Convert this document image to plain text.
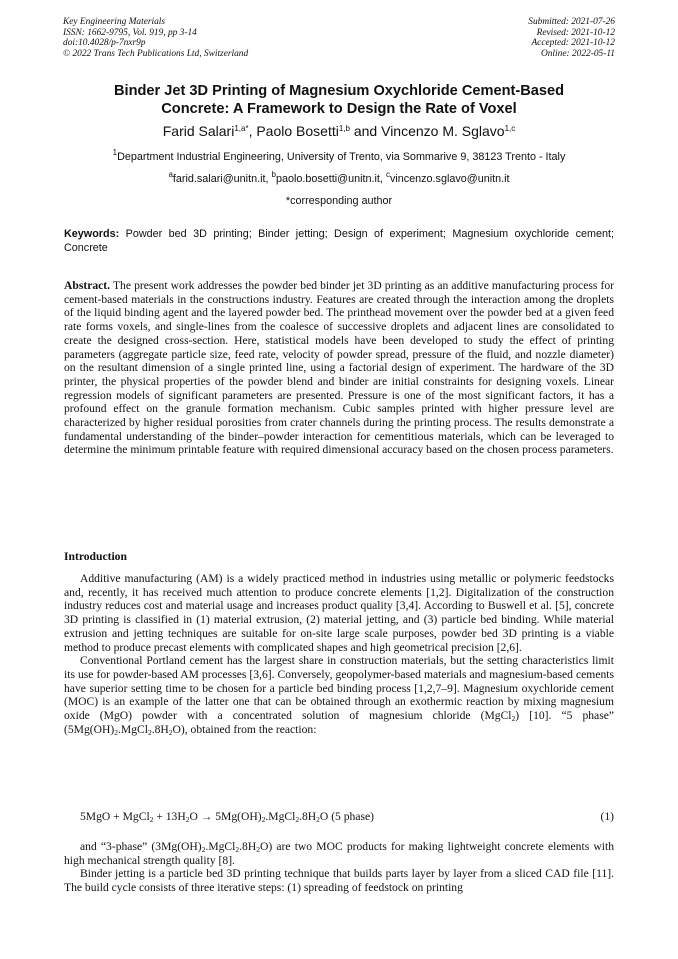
Key Engineering Materials
ISSN: 1662-9795, Vol. 919, pp 3-14
doi:10.4028/p-7nxr9p
© 2022 Trans Tech Publications Ltd, Switzerland
Submitted: 2021-07-26
Revised: 2021-10-12
Accepted: 2021-10-12
Online: 2022-05-11
Binder Jet 3D Printing of Magnesium Oxychloride Cement-Based
Concrete: A Framework to Design the Rate of Voxel
Farid Salari$^{1,a*}$, Paolo Bosetti$^{1,b}$ and Vincenzo M. Sglavo$^{1,c}$
$^1$Department Industrial Engineering, University of Trento, via Sommarive 9, 38123 Trento - Italy
$^a$farid.salari@unitn.it, $^b$paolo.bosetti@unitn.it, $^c$vincenzo.sglavo@unitn.it
*corresponding author
Keywords: Powder bed 3D printing; Binder jetting; Design of experiment; Magnesium oxychloride cement; Concrete
Abstract. The present work addresses the powder bed binder jet 3D printing as an additive manufacturing process for cement-based materials in the constructions industry. Features are created through the interaction among the droplets of the liquid binding agent and the layered powder bed. The printhead movement over the powder bed at a given feed rate forms voxels, and single-lines from the coalesce of successive droplets and adjacent lines are consolidated to create the designed cross-section. Here, statistical models have been developed to study the effect of printing parameters (aggregate particle size, feed rate, velocity of powder spread, pressure of the fluid, and nozzle diameter) on the resultant dimension of a single printed line, using a factorial design of experiment. The hardware of the 3D printer, the physical properties of the powder blend and binder are initial constraints for designing voxels. Linear regression models of significant parameters are presented. Pressure is one of the most significant factors, it has a profound effect on the granule formation mechanism. Cubic samples printed with higher pressure level are characterized by higher residual porosities from crater channels during the printing process. The results demonstrate a fundamental understanding of the binder–powder interaction for cementitious materials, which can be leveraged to determine the minimum printable feature with required dimensional accuracy based on the chosen process parameters.
Introduction

Additive manufacturing (AM) is a widely practiced method in industries using metallic or polymeric feedstocks and, recently, it has received much attention to produce concrete elements [1,2]. Digitalization of the construction industry reduces cost and material usage and increases product quality [3,4]. According to Buswell et al. [5], concrete 3D printing is classified in (1) material extrusion, (2) material jetting, and (3) particle bed binding. While material extrusion and jetting techniques are suitable for on-site large scale purposes, powder bed 3D printing is a viable method to produce precast elements with complicated shapes and high geometrical precision [2,6].

Conventional Portland cement has the largest share in construction materials, but the setting characteristics limit its use for powder-based AM processes [3,6]. Conversely, geopolymer-based materials and magnesium-based cements have superior setting time to be chosen for a particle bed binding process [1,2,7–9]. Magnesium oxychloride cement (MOC) is an example of the latter one that can be obtained through an exothermic reaction by mixing magnesium oxide (MgO) powder with a concentrated solution of magnesium chloride (MgCl$_2$) [10]. “5 phase” $(5Mg(OH)_2.MgCl_2.8H_2O)$, obtained from the reaction:

5MgO + MgCl$_2$ + $13H_2O$ → $5Mg(OH)_2.MgCl_2.8H_2O$ (5 phase)	(1)

and “3-phase” $(3Mg(OH)_2.MgCl_2.8H_2O)$ are two MOC products for making lightweight concrete elements with high mechanical strength quality [8].

Binder jetting is a particle bed 3D printing technique that builds parts layer by layer from a sliced CAD file [11]. The build cycle consists of three iterative steps: (1) spreading of feedstock on printing
